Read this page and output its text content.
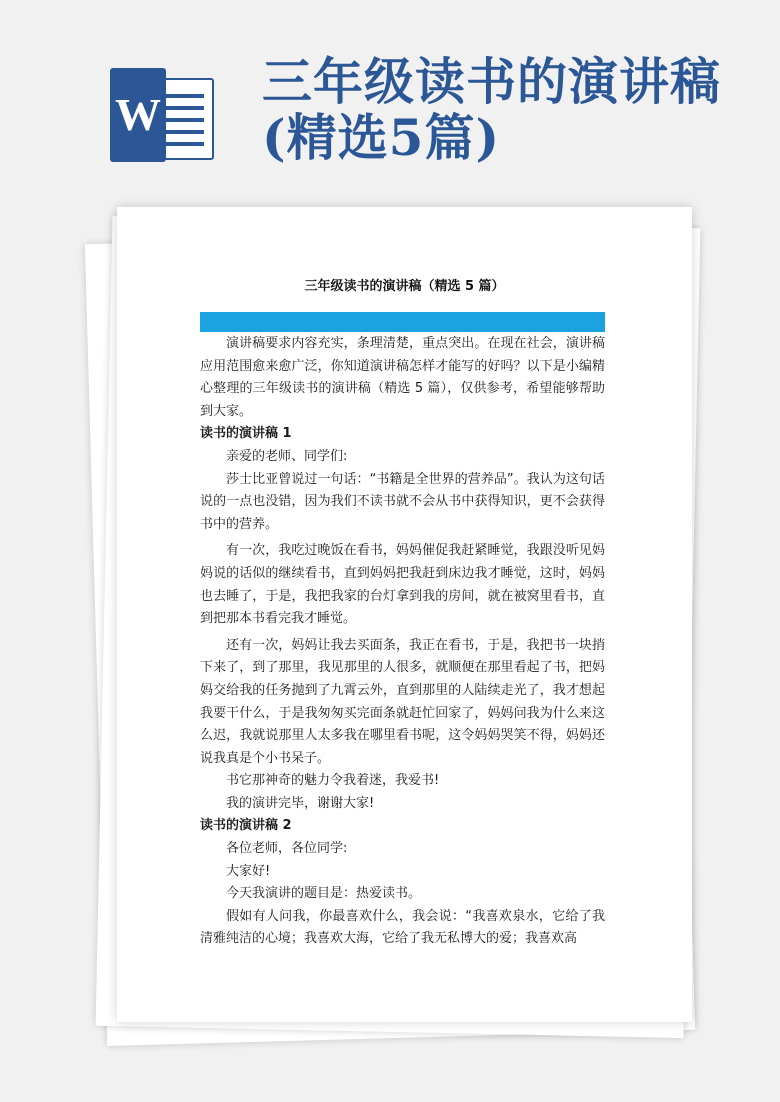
W
三年级读书的演讲稿(精选5篇)
三年级读书的演讲稿（精选 5 篇）

演讲稿要求内容充实，条理清楚，重点突出。在现在社会，演讲稿应用范围愈来愈广泛，你知道演讲稿怎样才能写的好吗？以下是小编精心整理的三年级读书的演讲稿（精选 5 篇），仅供参考，希望能够帮助到大家。

读书的演讲稿 1

亲爱的老师、同学们:

莎士比亚曾说过一句话：“书籍是全世界的营养品”。我认为这句话说的一点也没错，因为我们不读书就不会从书中获得知识，更不会获得书中的营养。

有一次，我吃过晚饭在看书，妈妈催促我赶紧睡觉，我跟没听见妈妈说的话似的继续看书，直到妈妈把我赶到床边我才睡觉，这时，妈妈也去睡了，于是，我把我家的台灯拿到我的房间，就在被窝里看书，直到把那本书看完我才睡觉。

还有一次，妈妈让我去买面条，我正在看书，于是，我把书一块捎下来了，到了那里，我见那里的人很多，就顺便在那里看起了书，把妈妈交给我的任务抛到了九霄云外，直到那里的人陆续走光了，我才想起我要干什么，于是我匆匆买完面条就赶忙回家了，妈妈问我为什么来这么迟，我就说那里人太多我在哪里看书呢，这令妈妈哭笑不得，妈妈还说我真是个小书呆子。

书它那神奇的魅力令我着迷，我爱书!

我的演讲完毕，谢谢大家!

读书的演讲稿 2

各位老师，各位同学:

大家好!

今天我演讲的题目是：热爱读书。

假如有人问我，你最喜欢什么，我会说：“我喜欢泉水，它给了我清雅纯洁的心境；我喜欢大海，它给了我无私博大的爱；我喜欢高
